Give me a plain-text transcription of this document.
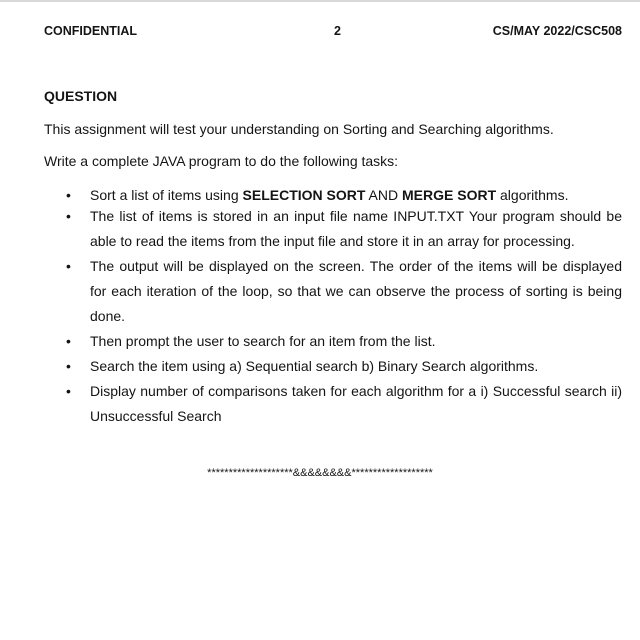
CONFIDENTIAL	2	CS/MAY 2022/CSC508
QUESTION
This assignment will test your understanding on Sorting and Searching algorithms.
Write a complete JAVA program to do the following tasks:
• Sort a list of items using SELECTION SORT AND MERGE SORT algorithms.
• The list of items is stored in an input file name INPUT.TXT Your program should be able to read the items from the input file and store it in an array for processing.
• The output will be displayed on the screen. The order of the items will be displayed for each iteration of the loop, so that we can observe the process of sorting is being done.
• Then prompt the user to search for an item from the list.
• Search the item using a) Sequential search b) Binary Search algorithms.
• Display number of comparisons taken for each algorithm for a i) Successful search ii) Unsuccessful Search
********************&&&&&&&&*******************
